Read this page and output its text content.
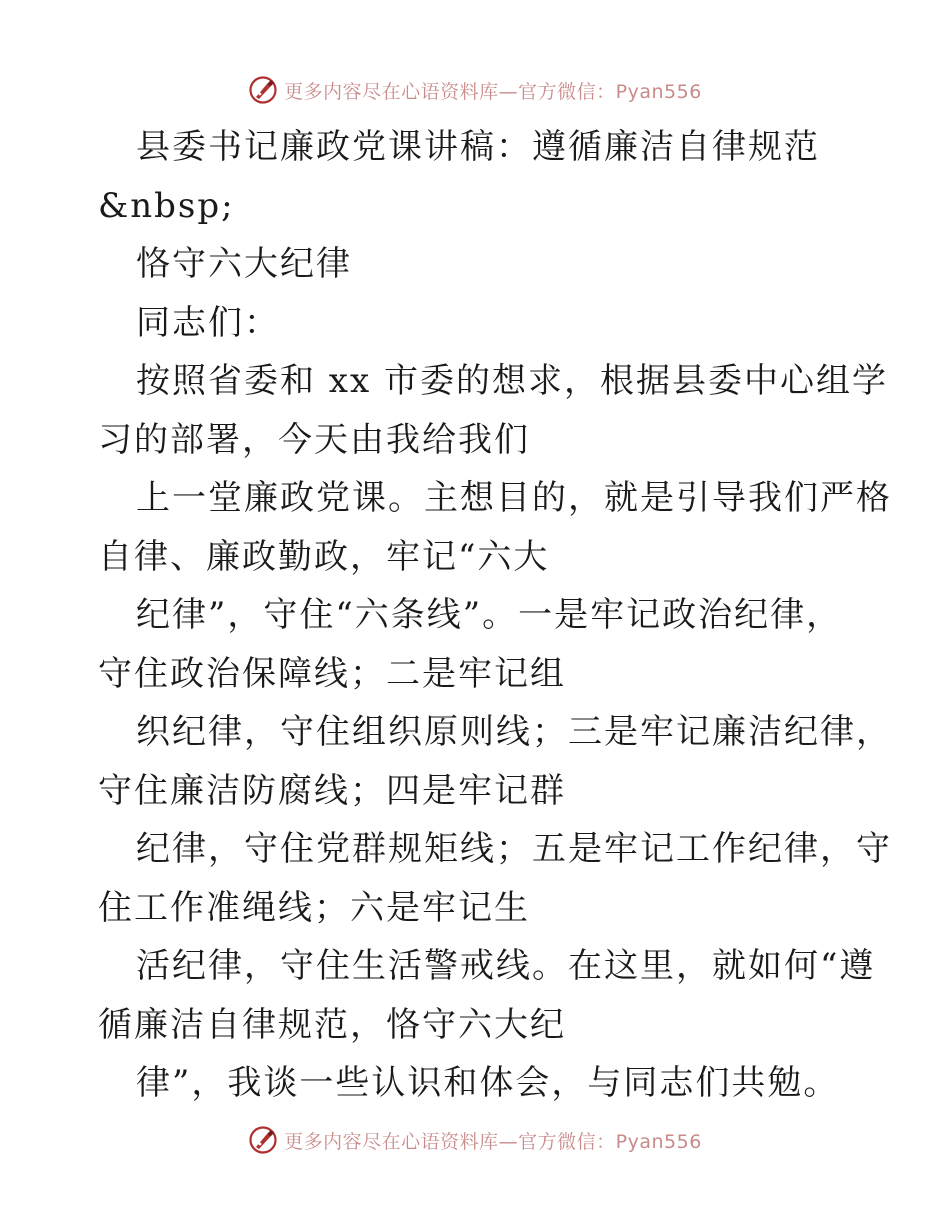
更多内容尽在心语资料库—官方微信：Pyan556
县委书记廉政党课讲稿：遵循廉洁自律规范
&nbsp;
恪守六大纪律
同志们：
按照省委和 xx 市委的想求，根据县委中心组学
习的部署，今天由我给我们
上一堂廉政党课。主想目的，就是引导我们严格
自律、廉政勤政，牢记“六大
纪律”，守住“六条线”。一是牢记政治纪律，
守住政治保障线；二是牢记组
织纪律，守住组织原则线；三是牢记廉洁纪律，
守住廉洁防腐线；四是牢记群
纪律，守住党群规矩线；五是牢记工作纪律，守
住工作准绳线；六是牢记生
活纪律，守住生活警戒线。在这里，就如何“遵
循廉洁自律规范，恪守六大纪
律”，我谈一些认识和体会，与同志们共勉。
更多内容尽在心语资料库—官方微信：Pyan556
